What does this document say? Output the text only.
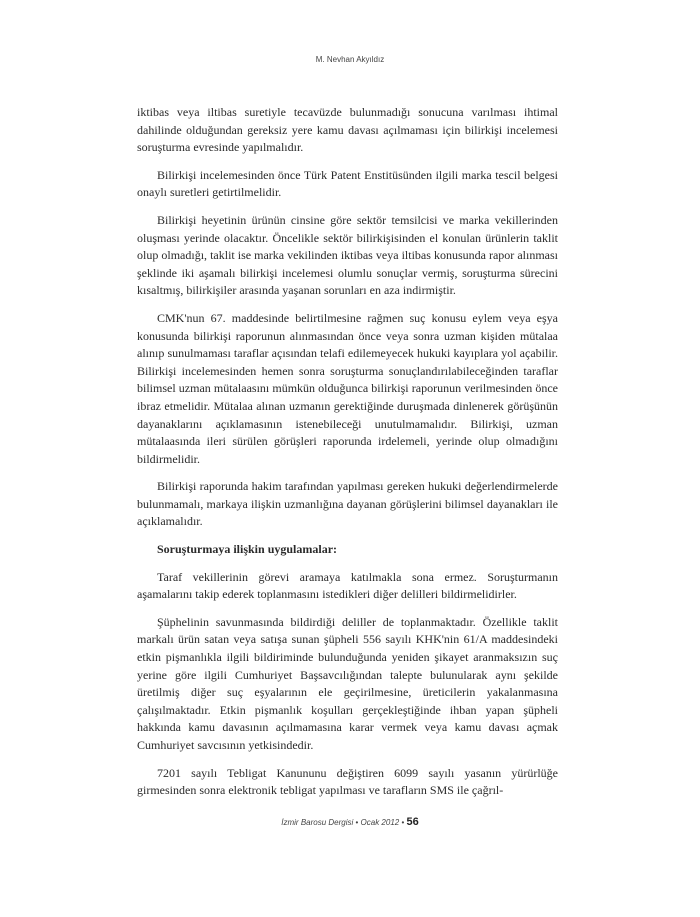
M. Nevhan Akyıldız

iktibas veya iltibas suretiyle tecavüzde bulunmadığı sonucuna varılması ihtimal dahilinde olduğundan gereksiz yere kamu davası açılmaması için bilirkişi incelemesi soruşturma evresinde yapılmalıdır.

Bilirkişi incelemesinden önce Türk Patent Enstitüsünden ilgili marka tescil belgesi onaylı suretleri getirtilmelidir.

Bilirkişi heyetinin ürünün cinsine göre sektör temsilcisi ve marka vekillerinden oluşması yerinde olacaktır. Öncelikle sektör bilirkişisinden el konulan ürünlerin taklit olup olmadığı, taklit ise marka vekilinden iktibas veya iltibas konusunda rapor alınması şeklinde iki aşamalı bilirkişi incelemesi olumlu sonuçlar vermiş, soruşturma sürecini kısaltmış, bilirkişiler arasında yaşanan sorunları en aza indirmiştir.

CMK'nun 67. maddesinde belirtilmesine rağmen suç konusu eylem veya eşya konusunda bilirkişi raporunun alınmasından önce veya sonra uzman kişiden mütalaa alınıp sunulmaması taraflar açısından telafi edilemeyecek hukuki kayıplara yol açabilir. Bilirkişi incelemesinden hemen sonra soruşturma sonuçlandırılabileceğinden taraflar bilimsel uzman mütalaasını mümkün olduğunca bilirkişi raporunun verilmesinden önce ibraz etmelidir. Mütalaa alınan uzmanın gerektiğinde duruşmada dinlenerek görüşünün dayanaklarını açıklamasının istenebileceği unutulmamalıdır. Bilirkişi, uzman mütalaasında ileri sürülen görüşleri raporunda irdelemeli, yerinde olup olmadığını bildirmelidir.

Bilirkişi raporunda hakim tarafından yapılması gereken hukuki değerlendirmelerde bulunmamalı, markaya ilişkin uzmanlığına dayanan görüşlerini bilimsel dayanakları ile açıklamalıdır.

Soruşturmaya ilişkin uygulamalar:

Taraf vekillerinin görevi aramaya katılmakla sona ermez. Soruşturmanın aşamalarını takip ederek toplanmasını istedikleri diğer delilleri bildirmelidirler.

Şüphelinin savunmasında bildirdiği deliller de toplanmaktadır. Özellikle taklit markalı ürün satan veya satışa sunan şüpheli 556 sayılı KHK'nin 61/A maddesindeki etkin pişmanlıkla ilgili bildiriminde bulunduğunda yeniden şikayet aranmaksızın suç yerine göre ilgili Cumhuriyet Başsavcılığından talepte bulunularak aynı şekilde üretilmiş diğer suç eşyalarının ele geçirilmesine, üreticilerin yakalanmasına çalışılmaktadır. Etkin pişmanlık koşulları gerçekleştiğinde ihban yapan şüpheli hakkında kamu davasının açılmamasına karar vermek veya kamu davası açmak Cumhuriyet savcısının yetkisindedir.

7201 sayılı Tebligat Kanununu değiştiren 6099 sayılı yasanın yürürlüğe girmesinden sonra elektronik tebligat yapılması ve tarafların SMS ile çağrıl-

İzmir Barosu Dergisi • Ocak 2012 • 56
